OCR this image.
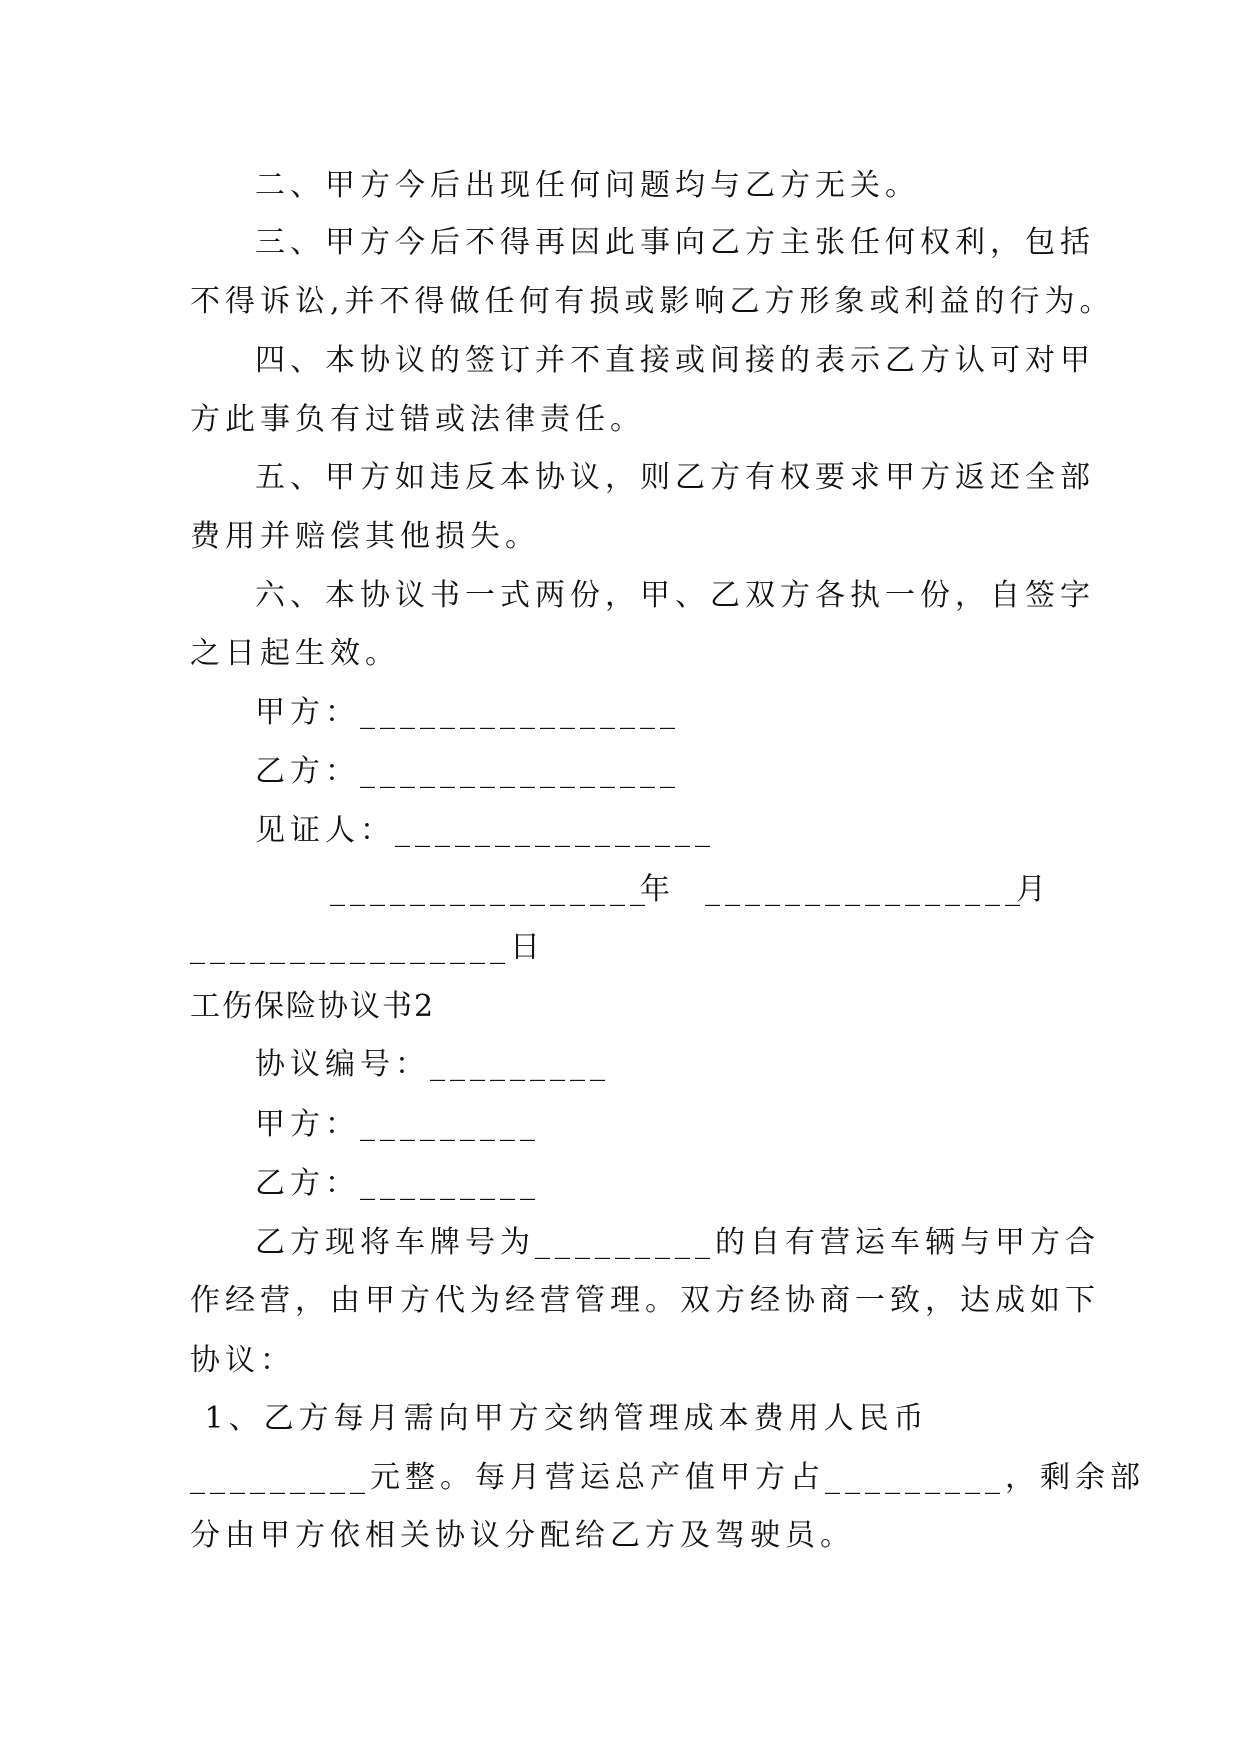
二、甲方今后出现任何问题均与乙方无关。
三、甲方今后不得再因此事向乙方主张任何权利，包括
不得诉讼,并不得做任何有损或影响乙方形象或利益的行为。
四、本协议的签订并不直接或间接的表示乙方认可对甲
方此事负有过错或法律责任。
五、甲方如违反本协议，则乙方有权要求甲方返还全部
费用并赔偿其他损失。
六、本协议书一式两份，甲、乙双方各执一份，自签字
之日起生效。
甲方：________________
乙方：________________
见证人：________________

________________

年

________________

月

________________日
工伤保险协议书2
协议编号：_________
甲方：_________
乙方：_________
乙方现将车牌号为_________的自有营运车辆与甲方合
作经营，由甲方代为经营管理。双方经协商一致，达成如下
协议：
1、乙方每月需向甲方交纳管理成本费用人民币
_________元整。每月营运总产值甲方占_________，剩余部
分由甲方依相关协议分配给乙方及驾驶员。
